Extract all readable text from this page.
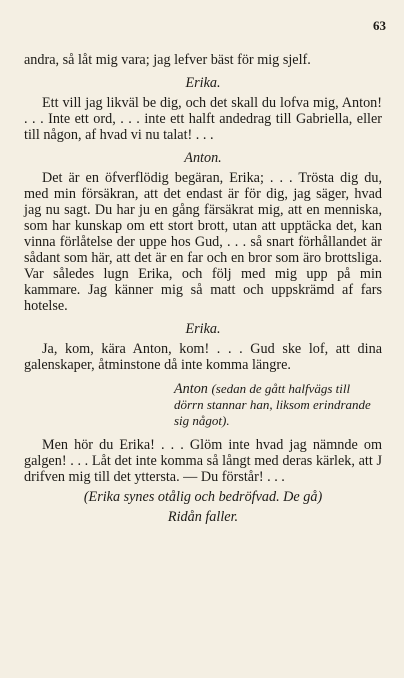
63

andra, så låt mig vara; jag lefver bäst för mig sjelf.

Erika.

Ett vill jag likväl be dig, och det skall du lofva mig, Anton! . . . Inte ett ord, . . . inte ett halft andedrag till Gabriella, eller till någon, af hvad vi nu talat! . . .

Anton.

Det är en öfverflödig begäran, Erika; . . . Trösta dig du, med min försäkran, att det endast är för dig, jag säger, hvad jag nu sagt. Du har ju en gång färsäkrat mig, att en menniska, som har kunskap om ett stort brott, utan att upptäcka det, kan vinna förlåtelse der uppe hos Gud, . . . så snart förhållandet är sådant som här, att det är en far och en bror som äro brottsliga. Var således lugn Erika, och följ med mig upp på min kammare. Jag känner mig så matt och uppskrämd af fars hotelse.

Erika.

Ja, kom, kära Anton, kom! . . . Gud ske lof, att dina galenskaper, åtminstone då inte komma längre.

Anton (sedan de gått halfvägs till dörrn stannar han, liksom erindrande sig något).

Men hör du Erika! . . . Glöm inte hvad jag nämnde om galgen! . . . Låt det inte komma så långt med deras kärlek, att J drifven mig till det yttersta. — Du förstår! . . .

(Erika synes otålig och bedröfvad. De gå)
Ridån faller.
